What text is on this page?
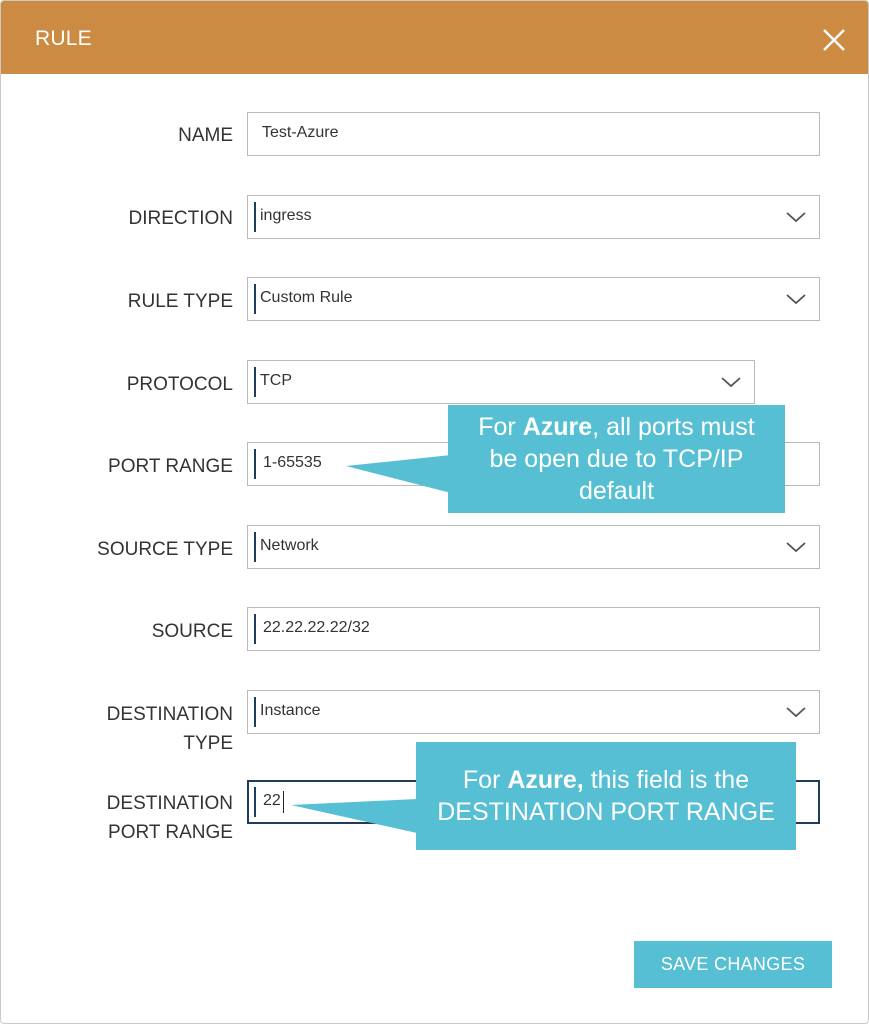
RULE
NAME Test-Azure
DIRECTION ingress
RULE TYPE Custom Rule
PROTOCOL TCP
PORT RANGE 1-65535
SOURCE TYPE Network
SOURCE 22.22.22.22/32
DESTINATION
TYPE
Instance
DESTINATION
PORT RANGE
22
For Azure, all ports must
be open due to TCP/IP
default
For Azure, this field is the
DESTINATION PORT RANGE
SAVE CHANGES
